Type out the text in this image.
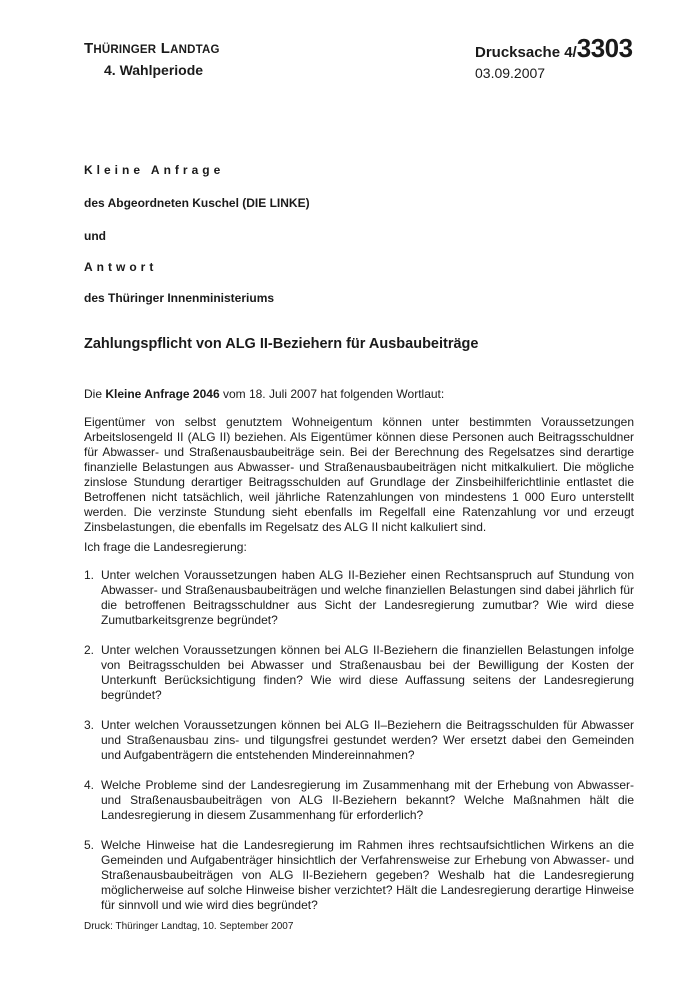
THÜRINGER LANDTAG
4. Wahlperiode
Drucksache 4/3303
03.09.2007
Kleine Anfrage
des Abgeordneten Kuschel (DIE LINKE)
und
Antwort
des Thüringer Innenministeriums
Zahlungspflicht von ALG II-Beziehern für Ausbaubeiträge
Die Kleine Anfrage 2046 vom 18. Juli 2007 hat folgenden Wortlaut:
Eigentümer von selbst genutztem Wohneigentum können unter bestimmten Voraussetzungen Arbeitslosengeld II (ALG II) beziehen. Als Eigentümer können diese Personen auch Beitragsschuldner für Abwasser- und Straßenausbaubeiträge sein. Bei der Berechnung des Regelsatzes sind derartige finanzielle Belastungen aus Abwasser- und Straßenausbaubeiträgen nicht mitkalkuliert. Die mögliche zinslose Stundung derartiger Beitragsschulden auf Grundlage der Zinsbeihilferichtlinie entlastet die Betroffenen nicht tatsächlich, weil jährliche Ratenzahlungen von mindestens 1 000 Euro unterstellt werden. Die verzinste Stundung sieht ebenfalls im Regelfall eine Ratenzahlung vor und erzeugt Zinsbelastungen, die ebenfalls im Regelsatz des ALG II nicht kalkuliert sind.
Ich frage die Landesregierung:
1. Unter welchen Voraussetzungen haben ALG II-Bezieher einen Rechtsanspruch auf Stundung von Abwasser- und Straßenausbaubeiträgen und welche finanziellen Belastungen sind dabei jährlich für die betroffenen Beitragsschuldner aus Sicht der Landesregierung zumutbar? Wie wird diese Zumutbarkeitsgrenze begründet?
2. Unter welchen Voraussetzungen können bei ALG II-Beziehern die finanziellen Belastungen infolge von Beitragsschulden bei Abwasser und Straßenausbau bei der Bewilligung der Kosten der Unterkunft Berücksichtigung finden? Wie wird diese Auffassung seitens der Landesregierung begründet?
3. Unter welchen Voraussetzungen können bei ALG II–Beziehern die Beitragsschulden für Abwasser und Straßenausbau zins- und tilgungsfrei gestundet werden? Wer ersetzt dabei den Gemeinden und Aufgabenträgern die entstehenden Mindereinnahmen?
4. Welche Probleme sind der Landesregierung im Zusammenhang mit der Erhebung von Abwasser- und Straßenausbaubeiträgen von ALG II-Beziehern bekannt? Welche Maßnahmen hält die Landesregierung in diesem Zusammenhang für erforderlich?
5. Welche Hinweise hat die Landesregierung im Rahmen ihres rechtsaufsichtlichen Wirkens an die Gemeinden und Aufgabenträger hinsichtlich der Verfahrensweise zur Erhebung von Abwasser- und Straßenausbaubeiträgen von ALG II-Beziehern gegeben? Weshalb hat die Landesregierung möglicherweise auf solche Hinweise bisher verzichtet? Hält die Landesregierung derartige Hinweise für sinnvoll und wie wird dies begründet?
Druck: Thüringer Landtag, 10. September 2007
